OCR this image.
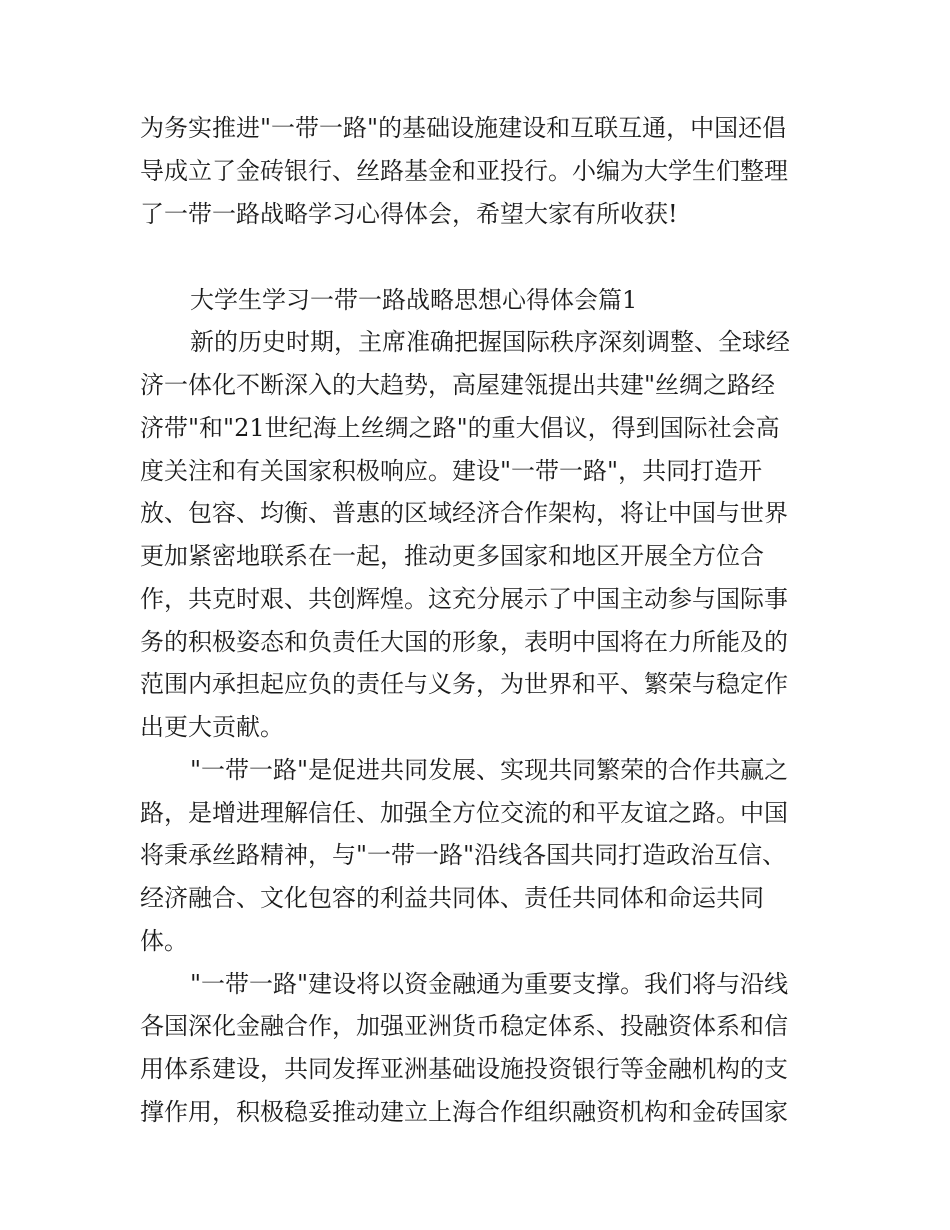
为务实推进"一带一路"的基础设施建设和互联互通，中国还倡
导成立了金砖银行、丝路基金和亚投行。小编为大学生们整理
了一带一路战略学习心得体会，希望大家有所收获!
大学生学习一带一路战略思想心得体会篇1
新的历史时期，主席准确把握国际秩序深刻调整、全球经
济一体化不断深入的大趋势，高屋建瓴提出共建"丝绸之路经
济带"和"21世纪海上丝绸之路"的重大倡议，得到国际社会高
度关注和有关国家积极响应。建设"一带一路"，共同打造开
放、包容、均衡、普惠的区域经济合作架构，将让中国与世界
更加紧密地联系在一起，推动更多国家和地区开展全方位合
作，共克时艰、共创辉煌。这充分展示了中国主动参与国际事
务的积极姿态和负责任大国的形象，表明中国将在力所能及的
范围内承担起应负的责任与义务，为世界和平、繁荣与稳定作
出更大贡献。
"一带一路"是促进共同发展、实现共同繁荣的合作共赢之
路，是增进理解信任、加强全方位交流的和平友谊之路。中国
将秉承丝路精神，与"一带一路"沿线各国共同打造政治互信、
经济融合、文化包容的利益共同体、责任共同体和命运共同
体。
"一带一路"建设将以资金融通为重要支撑。我们将与沿线
各国深化金融合作，加强亚洲货币稳定体系、投融资体系和信
用体系建设，共同发挥亚洲基础设施投资银行等金融机构的支
撑作用，积极稳妥推动建立上海合作组织融资机构和金砖国家
